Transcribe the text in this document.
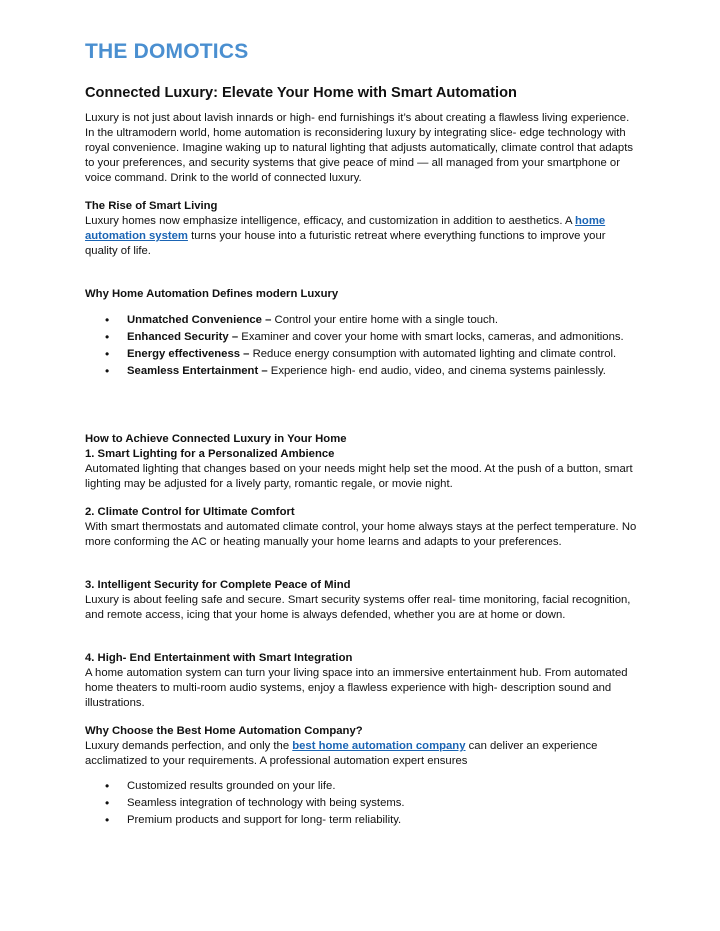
THE DOMOTICS
Connected Luxury: Elevate Your Home with Smart Automation

Luxury is not just about lavish innards or high- end furnishings it’s about creating a flawless living experience. In the ultramodern world, home automation is reconsidering luxury by integrating slice- edge technology with royal convenience. Imagine waking up to natural lighting that adjusts automatically, climate control that adapts to your preferences, and security systems that give peace of mind — all managed from your smartphone or voice command. Drink to the world of connected luxury.

The Rise of Smart Living

Luxury homes now emphasize intelligence, efficacy, and customization in addition to aesthetics. A home automation system turns your house into a futuristic retreat where everything functions to improve your quality of life.

Why Home Automation Defines modern Luxury

• Unmatched Convenience – Control your entire home with a single touch.
• Enhanced Security – Examiner and cover your home with smart locks, cameras, and admonitions.
• Energy effectiveness – Reduce energy consumption with automated lighting and climate control.
• Seamless Entertainment – Experience high- end audio, video, and cinema systems painlessly.

How to Achieve Connected Luxury in Your Home

1. Smart Lighting for a Personalized Ambience

Automated lighting that changes based on your needs might help set the mood. At the push of a button, smart lighting may be adjusted for a lively party, romantic regale, or movie night.

2. Climate Control for Ultimate Comfort

With smart thermostats and automated climate control, your home always stays at the perfect temperature. No more conforming the AC or heating manually your home learns and adapts to your preferences.

3. Intelligent Security for Complete Peace of Mind

Luxury is about feeling safe and secure. Smart security systems offer real- time monitoring, facial recognition, and remote access, icing that your home is always defended, whether you are at home or down.

4. High- End Entertainment with Smart Integration

A home automation system can turn your living space into an immersive entertainment hub. From automated home theaters to multi-room audio systems, enjoy a flawless experience with high- description sound and illustrations.

Why Choose the Best Home Automation Company?

Luxury demands perfection, and only the best home automation company can deliver an experience acclimatized to your requirements. A professional automation expert ensures

• Customized results grounded on your life.
• Seamless integration of technology with being systems.
• Premium products and support for long- term reliability.
